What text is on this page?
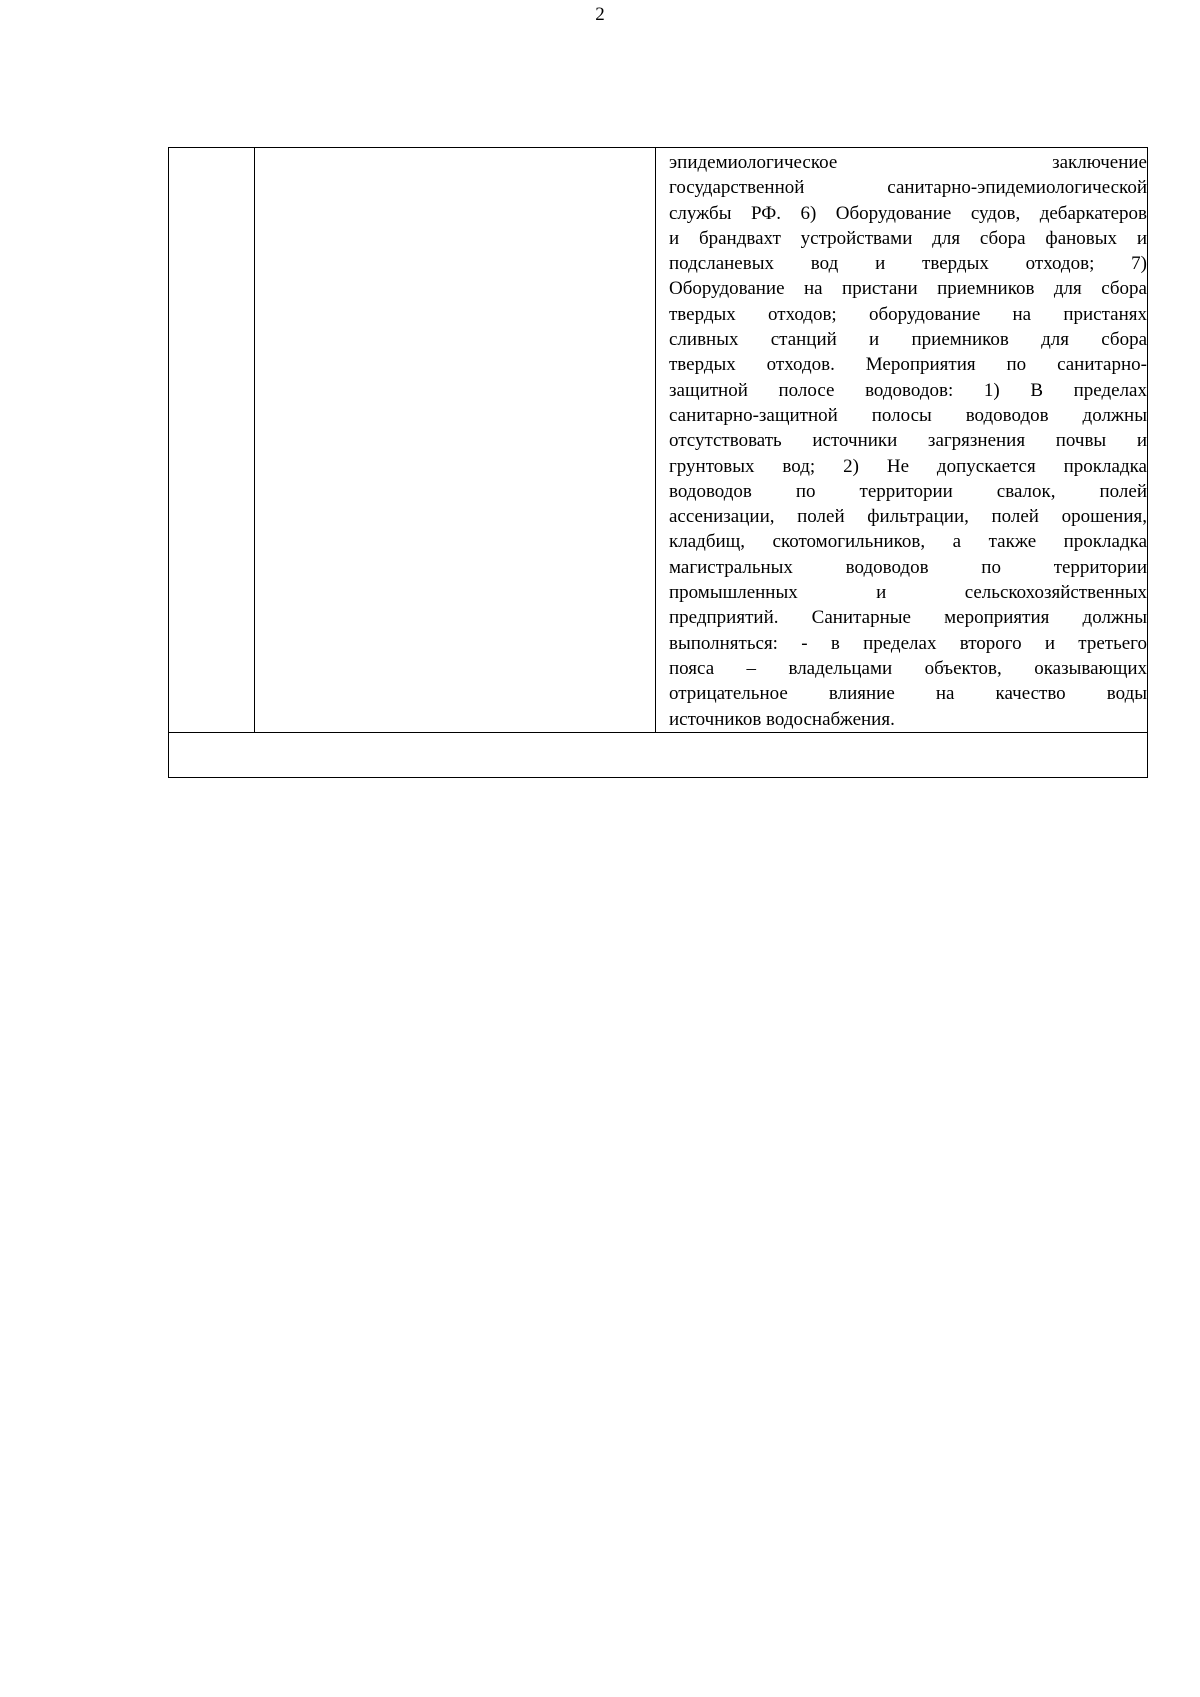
2

эпидемиологическое заключение
государственной санитарно-эпидемиологической
службы РФ. 6) Оборудование судов, дебаркатеров
и брандвахт устройствами для сбора фановых и
подсланевых вод и твердых отходов; 7)
Оборудование на пристани приемников для сбора
твердых отходов; оборудование на пристанях
сливных станций и приемников для сбора
твердых отходов. Мероприятия по санитарно-
защитной полосе водоводов: 1) В пределах
санитарно-защитной полосы водоводов должны
отсутствовать источники загрязнения почвы и
грунтовых вод; 2) Не допускается прокладка
водоводов по территории свалок, полей
ассенизации, полей фильтрации, полей орошения,
кладбищ, скотомогильников, а также прокладка
магистральных водоводов по территории
промышленных и сельскохозяйственных
предприятий. Санитарные мероприятия должны
выполняться: - в пределах второго и третьего
пояса – владельцами объектов, оказывающих
отрицательное влияние на качество воды
источников водоснабжения.
